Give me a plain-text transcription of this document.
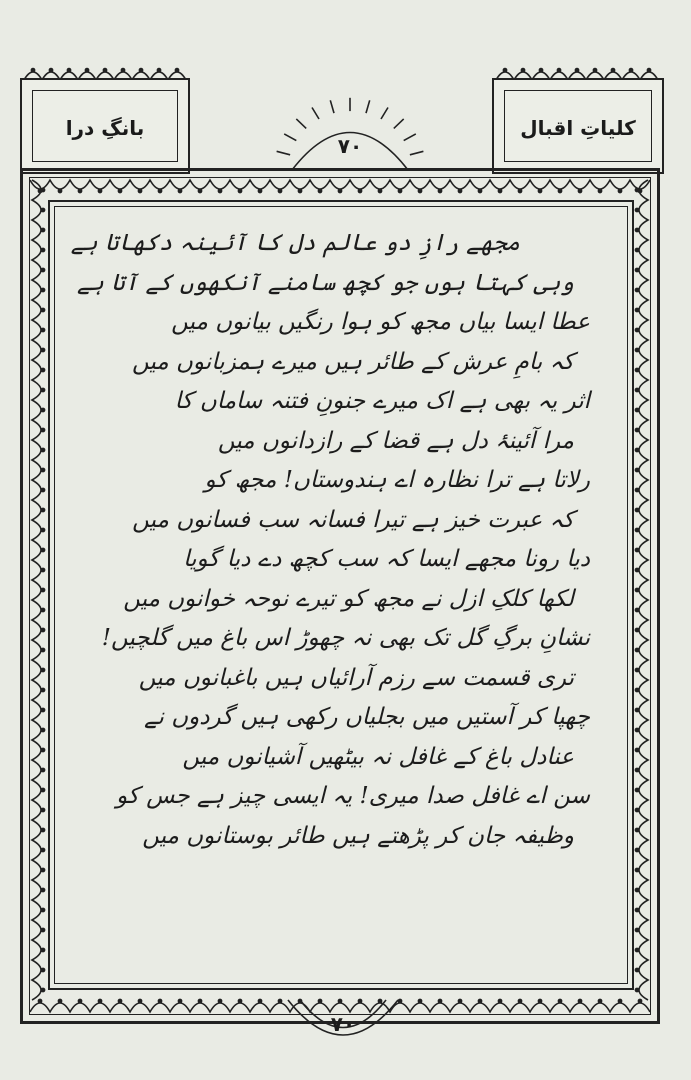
بانگِ درا	کلیاتِ اقبال
۷۰
مجھے رازِ دو عالم دل کا آئینہ دکھاتا ہے
وہی کہتا ہوں جو کچھ سامنے آنکھوں کے آتا ہے
عطا ایسا بیاں مجھ کو ہوا رنگیں بیانوں میں
کہ بامِ عرش کے طائر ہیں میرے ہمزبانوں میں
اثر یہ بھی ہے اک میرے جنونِ فتنہ ساماں کا
مرا آئینۂ دل ہے قضا کے رازدانوں میں
رلاتا ہے ترا نظارہ اے ہندوستاں! مجھ کو
کہ عبرت خیز ہے تیرا فسانہ سب فسانوں میں
دیا رونا مجھے ایسا کہ سب کچھ دے دیا گویا
لکھا کلکِ ازل نے مجھ کو تیرے نوحہ خوانوں میں
نشانِ برگِ گل تک بھی نہ چھوڑ اس باغ میں گلچیں!
تری قسمت سے رزم آرائیاں ہیں باغبانوں میں
چھپا کر آستیں میں بجلیاں رکھی ہیں گردوں نے
عنادل باغ کے غافل نہ بیٹھیں آشیانوں میں
سن اے غافل صدا میری! یہ ایسی چیز ہے جس کو
وظیفہ جان کر پڑھتے ہیں طائر بوستانوں میں
۷۰
